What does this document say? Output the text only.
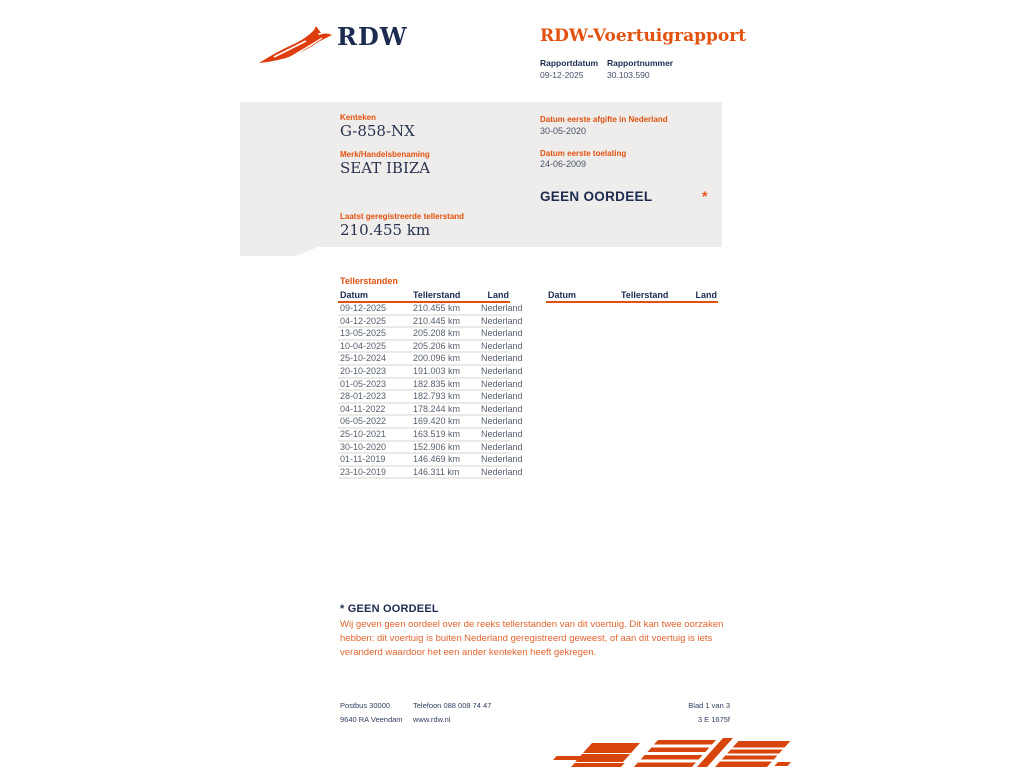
RDW	RDW-Voertuigrapport
Rapportdatum Rapportnummer
09-12-2025	30.103.590
Kenteken
G-858-NX
Merk/Handelsbenaming
SEAT IBIZA
Laatst geregistreerde tellerstand
210.455 km
Datum eerste afgifte in Nederland
30-05-2020
Datum eerste toelating
24-06-2009
GEEN OORDEEL	*
Tellerstanden
Datum	Tellerstand	Land
09-12-2025	210.455 km	Nederland
04-12-2025	210.445 km	Nederland
13-05-2025	205.208 km	Nederland
10-04-2025	205.206 km	Nederland
25-10-2024	200.096 km	Nederland
20-10-2023	191.003 km	Nederland
01-05-2023	182.835 km	Nederland
28-01-2023	182.793 km	Nederland
04-11-2022	178.244 km	Nederland
06-05-2022	169.420 km	Nederland
25-10-2021	163.519 km	Nederland
30-10-2020	152.906 km	Nederland
01-11-2019	146.469 km	Nederland
23-10-2019	146.311 km	Nederland
Datum	Tellerstand	Land
* GEEN OORDEEL

Wij geven geen oordeel over de reeks tellerstanden van dit voertuig. Dit kan twee oorzaken hebben: dit voertuig is buiten Nederland geregistreerd geweest, of aan dit voertuig is iets veranderd waardoor het een ander kenteken heeft gekregen.

Postbus 30000
9640 RA Veendam
Telefoon 088 008 74 47
www.rdw.nl
Blad 1 van 3
3 E 1675f
